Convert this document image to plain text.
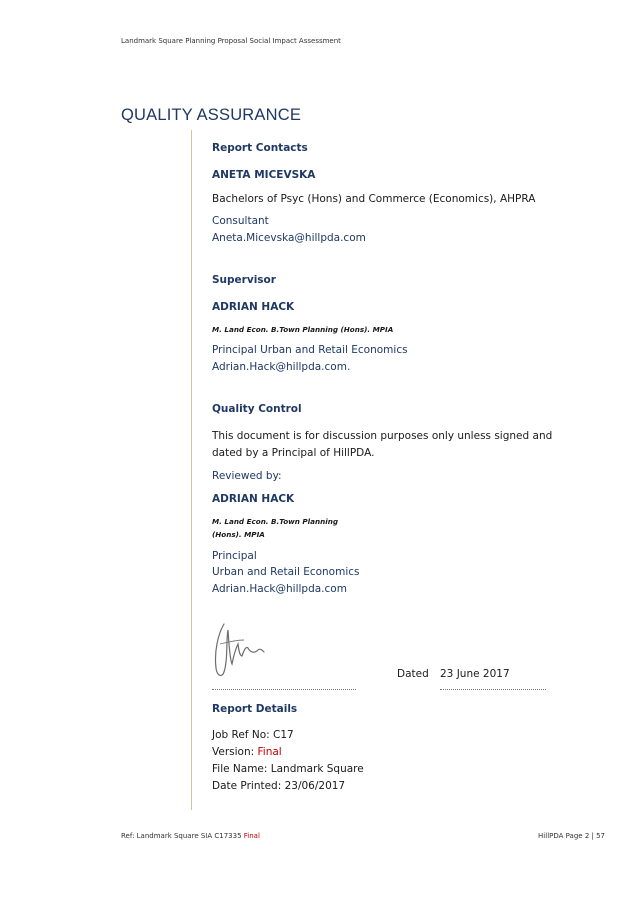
Landmark Square Planning Proposal Social Impact Assessment
QUALITY ASSURANCE
Report Contacts
ANETA MICEVSKA
Bachelors of Psyc (Hons) and Commerce (Economics), AHPRA
Consultant
Aneta.Micevska@hillpda.com
Supervisor
ADRIAN HACK
M. Land Econ. B.Town Planning (Hons). MPIA
Principal Urban and Retail Economics
Adrian.Hack@hillpda.com.
Quality Control
This document is for discussion purposes only unless signed and
dated by a Principal of HillPDA.
Reviewed by:
ADRIAN HACK
M. Land Econ. B.Town Planning
(Hons). MPIA
Principal
Urban and Retail Economics
Adrian.Hack@hillpda.com
Dated 23 June 2017
Report Details
Job Ref No: C17
Version: Final
File Name: Landmark Square
Date Printed: 23/06/2017
Ref: Landmark Square SIA C17335 Final	HillPDA Page 2 | 57
